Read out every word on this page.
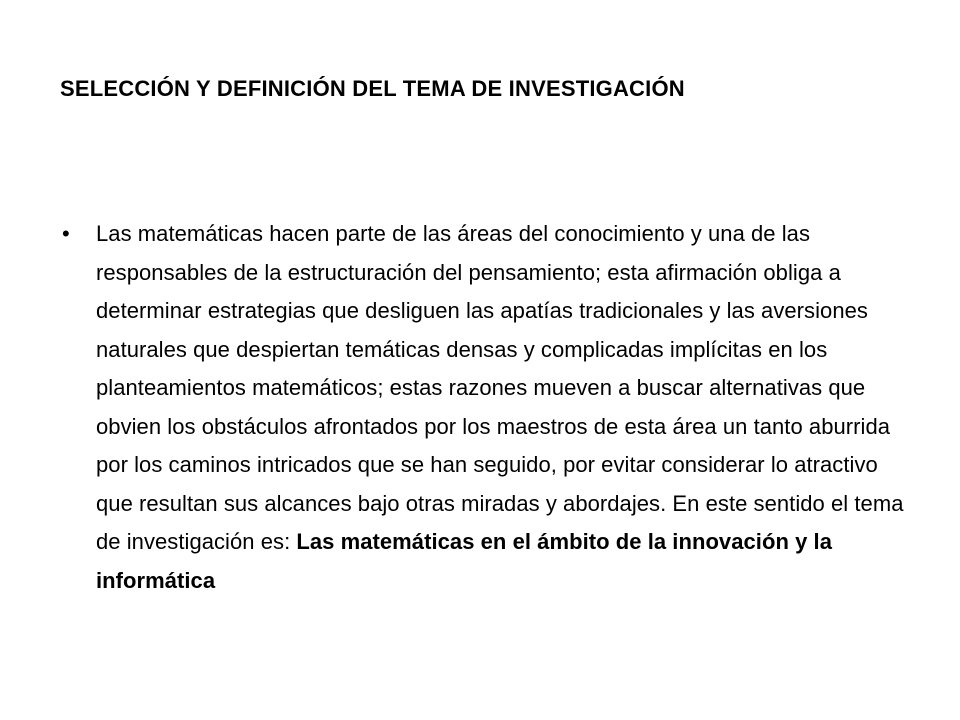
SELECCIÓN Y DEFINICIÓN DEL TEMA DE INVESTIGACIÓN
•	Las matemáticas hacen parte de las áreas del conocimiento y una de las responsables de la estructuración del pensamiento; esta afirmación obliga a determinar estrategias que desliguen las apatías tradicionales y las aversiones naturales que despiertan temáticas densas y complicadas implícitas en los planteamientos matemáticos; estas razones mueven a buscar alternativas que obvien los obstáculos afrontados por los maestros de esta área un tanto aburrida por los caminos intricados que se han seguido, por evitar considerar lo atractivo que resultan sus alcances bajo otras miradas y abordajes. En este sentido el tema de investigación es: Las matemáticas en el ámbito de la innovación y la informática
